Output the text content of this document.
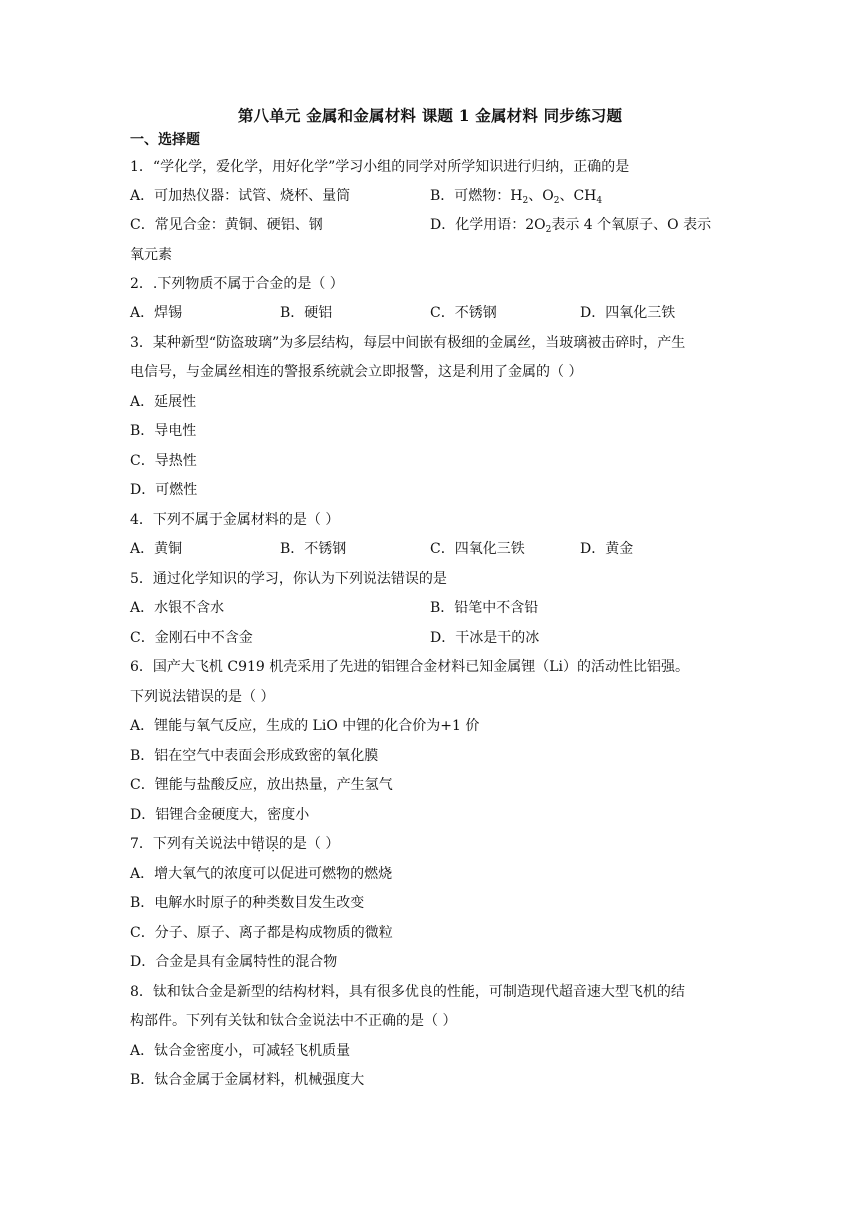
第八单元 金属和金属材料 课题 1 金属材料 同步练习题
一、选择题
1．“学化学，爱化学，用好化学”学习小组的同学对所学知识进行归纳，正确的是
A．可加热仪器：试管、烧杯、量筒	B．可燃物：$H_2$、$O_2$、$CH_4$
C．常见合金：黄铜、硬铝、钢	D．化学用语：$2O_2$表示 4 个氧原子、O 表示
氧元素
2．.下列物质不属于合金的是（ ）
A．焊锡	B．硬铝	C．不锈钢	D．四氧化三铁
3．某种新型“防盗玻璃”为多层结构，每层中间嵌有极细的金属丝，当玻璃被击碎时，产生
电信号，与金属丝相连的警报系统就会立即报警，这是利用了金属的（ ）
A．延展性
B．导电性
C．导热性
D．可燃性
4．下列不属于金属材料的是（ ）
A．黄铜	B．不锈钢	C．四氧化三铁	D．黄金
5．通过化学知识的学习，你认为下列说法错误的是
A．水银不含水	B．铅笔中不含铅
C．金刚石中不含金	D．干冰是干的冰
6．国产大飞机 C919 机壳采用了先进的铝锂合金材料已知金属锂（Li）的活动性比铝强。
下列说法错误的是（ ）
A．锂能与氧气反应，生成的 LiO 中锂的化合价为+1 价
B．铝在空气中表面会形成致密的氧化膜
C．锂能与盐酸反应，放出热量，产生氢气
D．铝锂合金硬度大，密度小
7．下列有关说法中错误的是（ ）
A．增大氧气的浓度可以促进可燃物的燃烧
B．电解水时原子的种类数目发生改变
C．分子、原子、离子都是构成物质的微粒
D．合金是具有金属特性的混合物
8．钛和钛合金是新型的结构材料，具有很多优良的性能，可制造现代超音速大型飞机的结
构部件。下列有关钛和钛合金说法中不正确的是（ ）
A．钛合金密度小，可减轻飞机质量
B．钛合金属于金属材料，机械强度大
